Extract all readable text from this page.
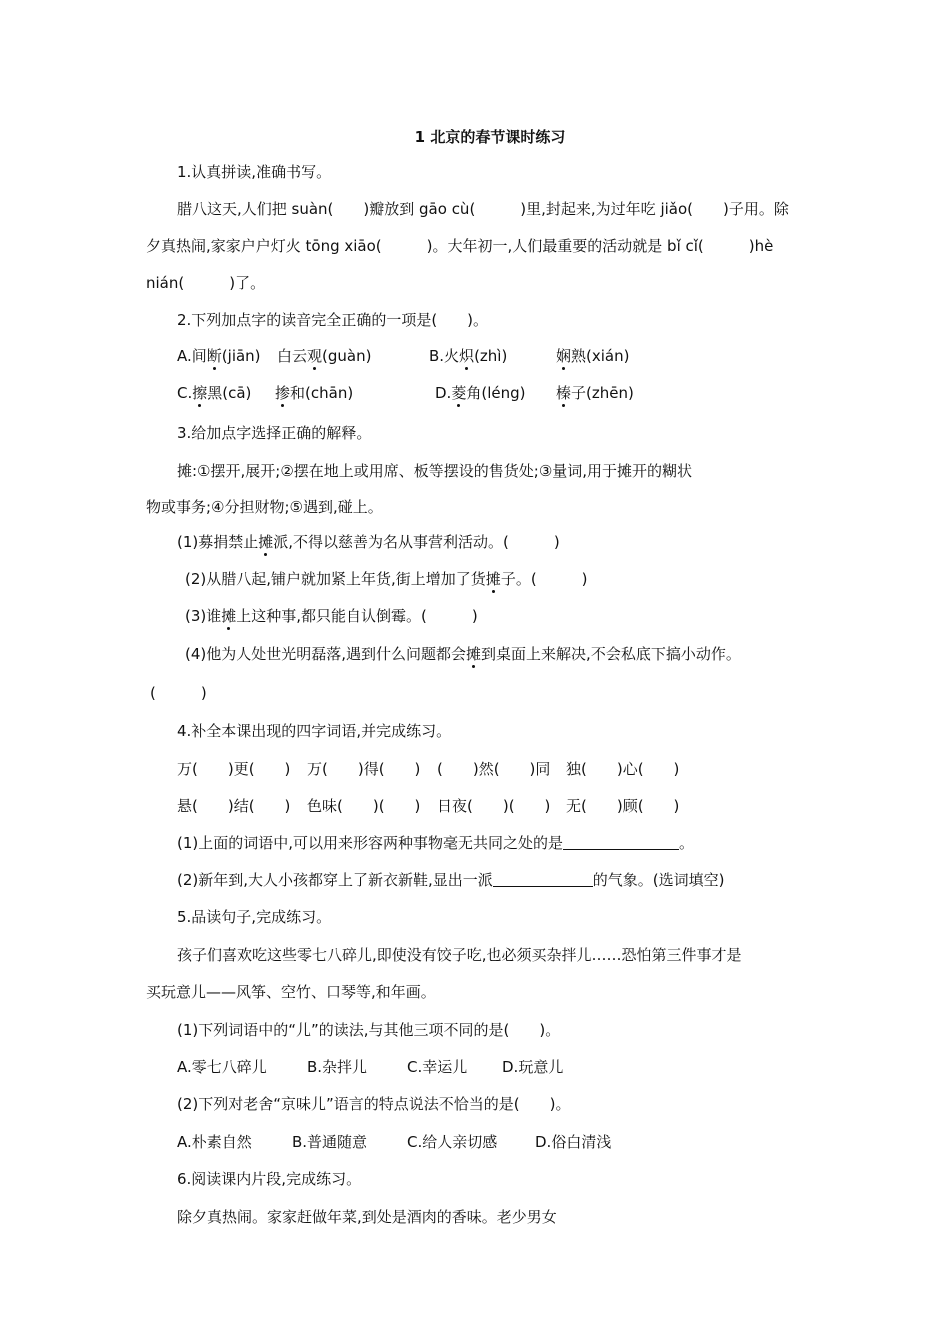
1 北京的春节课时练习
1.认真拼读,准确书写。
腊八这天,人们把 suàn(　　)瓣放到 gāo cù(　　　)里,封起来,为过年吃 jiǎo(　　)子用。除
夕真热闹,家家户户灯火 tōng xiāo(　　　)。大年初一,人们最重要的活动就是 bǐ cǐ(　　　)hè
nián(　　　)了。
2.下列加点字的读音完全正确的一项是(　　)。
A.间断(jiān) 白云观(guàn)	B.火炽(zhì)	娴熟(xián)
C.擦黑(cā) 掺和(chān)	D.菱角(léng) 榛子(zhēn)
3.给加点字选择正确的解释。
摊:①摆开,展开;②摆在地上或用席、板等摆设的售货处;③量词,用于摊开的糊状
物或事务;④分担财物;⑤遇到,碰上。
(1)募捐禁止摊派,不得以慈善为名从事营利活动。(　　　)
(2)从腊八起,铺户就加紧上年货,街上增加了货摊子。(　　　)
(3)谁摊上这种事,都只能自认倒霉。(　　　)
(4)他为人处世光明磊落,遇到什么问题都会摊到桌面上来解决,不会私底下搞小动作。
(　　　)
4.补全本课出现的四字词语,并完成练习。
万(　　)更(　　) 万(　　)得(　　) (　　)然(　　)同 独(　　)心(　　)
悬(　　)结(　　) 色味(　　)(　　) 日夜(　　)(　　) 无(　　)顾(　　)
(1)上面的词语中,可以用来形容两种事物毫无共同之处的是	。
(2)新年到,大人小孩都穿上了新衣新鞋,显出一派	的气象。(选词填空)
5.品读句子,完成练习。
孩子们喜欢吃这些零七八碎儿,即使没有饺子吃,也必须买杂拌儿……恐怕第三件事才是
买玩意儿——风筝、空竹、口琴等,和年画。
(1)下列词语中的“儿”的读法,与其他三项不同的是(　　)。
A.零七八碎儿	B.杂拌儿	C.幸运儿 D.玩意儿
(2)下列对老舍“京味儿”语言的特点说法不恰当的是(　　)。
A.朴素自然	B.普通随意	C.给人亲切感	D.俗白清浅
6.阅读课内片段,完成练习。
除夕真热闹。家家赶做年菜,到处是酒肉的香味。老少男女
